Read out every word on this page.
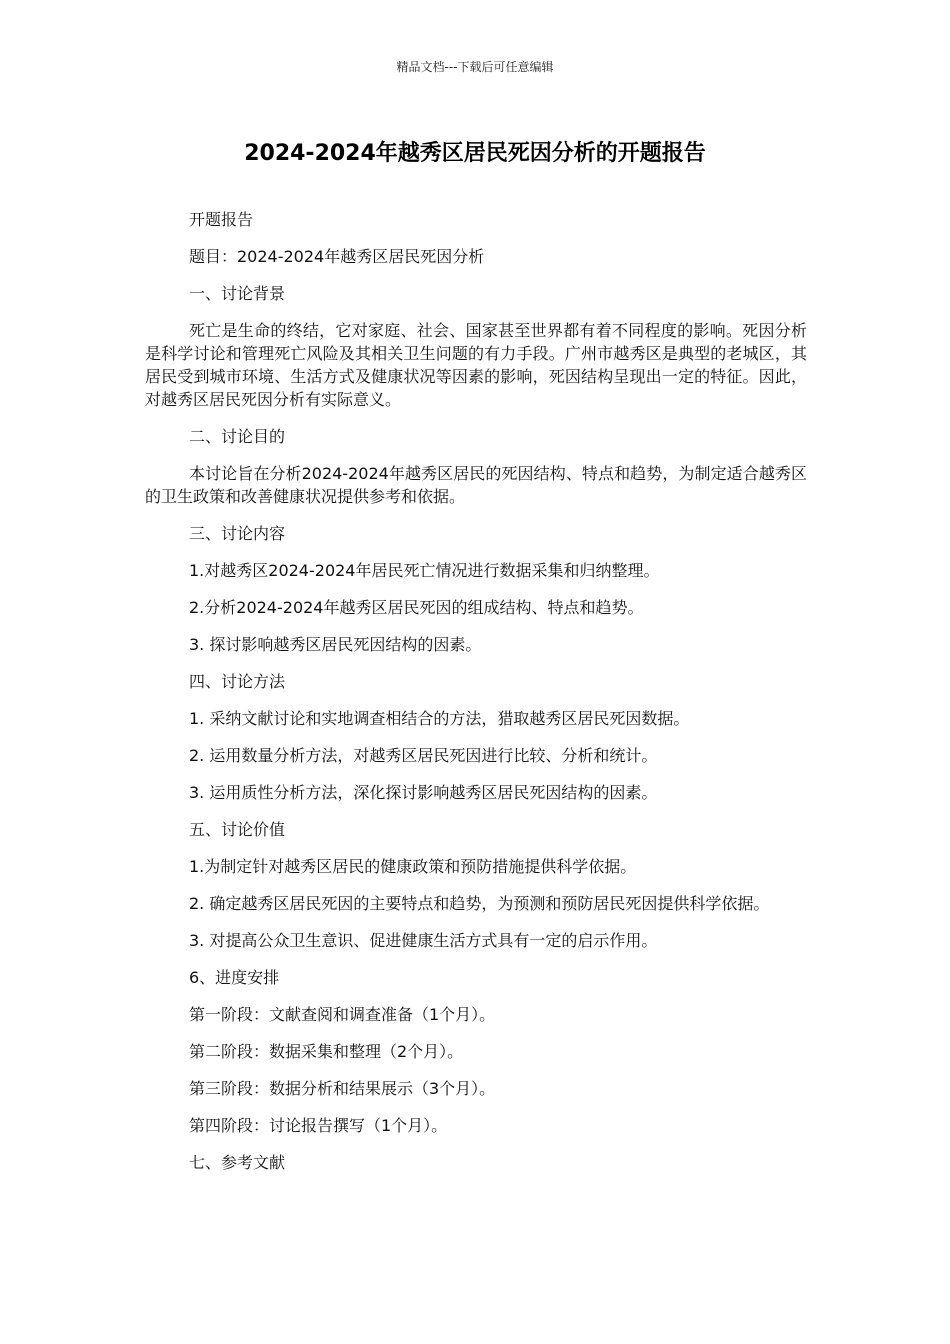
精品文档---下载后可任意编辑
2024-2024年越秀区居民死因分析的开题报告

开题报告

题目：2024-2024年越秀区居民死因分析

一、讨论背景

死亡是生命的终结，它对家庭、社会、国家甚至世界都有着不同程度的影响。死因分析是科学讨论和管理死亡风险及其相关卫生问题的有力手段。广州市越秀区是典型的老城区，其居民受到城市环境、生活方式及健康状况等因素的影响，死因结构呈现出一定的特征。因此，对越秀区居民死因分析有实际意义。

二、讨论目的

本讨论旨在分析2024-2024年越秀区居民的死因结构、特点和趋势，为制定适合越秀区的卫生政策和改善健康状况提供参考和依据。

三、讨论内容

1.对越秀区2024-2024年居民死亡情况进行数据采集和归纳整理。

2.分析2024-2024年越秀区居民死因的组成结构、特点和趋势。

3. 探讨影响越秀区居民死因结构的因素。

四、讨论方法

1. 采纳文献讨论和实地调查相结合的方法，猎取越秀区居民死因数据。

2. 运用数量分析方法，对越秀区居民死因进行比较、分析和统计。

3. 运用质性分析方法，深化探讨影响越秀区居民死因结构的因素。

五、讨论价值

1.为制定针对越秀区居民的健康政策和预防措施提供科学依据。

2. 确定越秀区居民死因的主要特点和趋势，为预测和预防居民死因提供科学依据。

3. 对提高公众卫生意识、促进健康生活方式具有一定的启示作用。

6、进度安排

第一阶段：文献查阅和调查准备（1个月）。

第二阶段：数据采集和整理（2个月）。

第三阶段：数据分析和结果展示（3个月）。

第四阶段：讨论报告撰写（1个月）。

七、参考文献
